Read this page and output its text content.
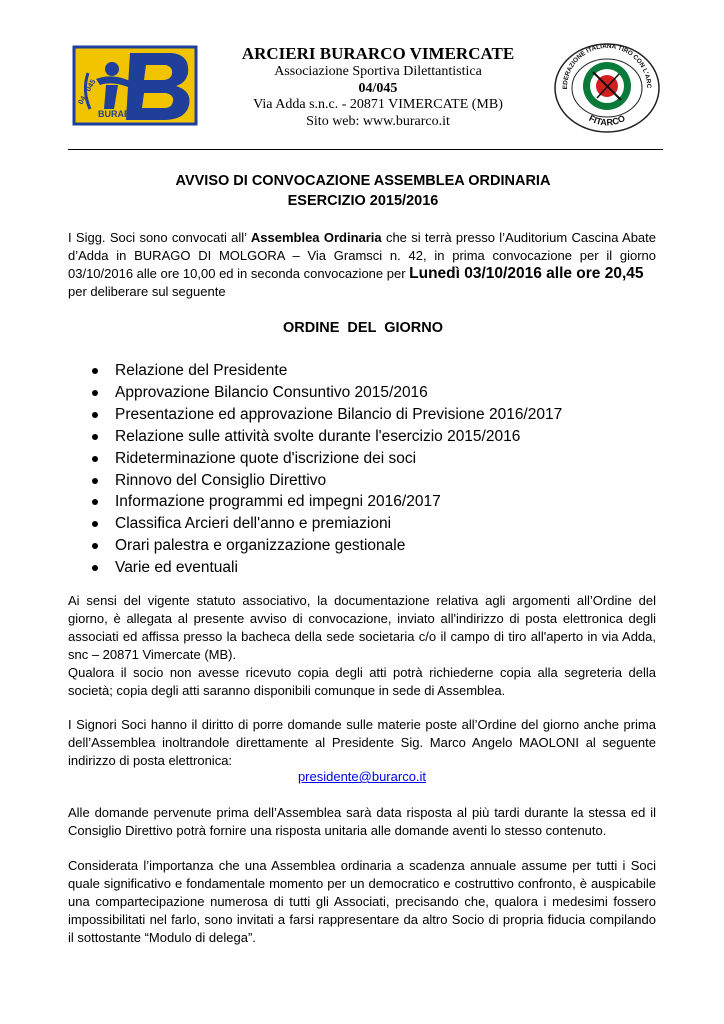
04 - 045
BURARCO
ARCIERI BURARCO VIMERCATE
Associazione Sportiva Dilettantistica
04/045
Via Adda s.n.c. - 20871 VIMERCATE (MB)
Sito web: www.burarco.it
EDERAZIONE ITALIANA TIRO CON L'ARC
FITARCO
AVVISO DI CONVOCAZIONE ASSEMBLEA ORDINARIA
ESERCIZIO 2015/2016
I Sigg. Soci sono convocati all’ Assemblea Ordinaria che si terrà presso l’Auditorium Cascina Abate d’Adda in BURAGO DI MOLGORA – Via Gramsci n. 42, in prima convocazione per il giorno 03/10/2016 alle ore 10,00 ed in seconda convocazione per Lunedì 03/10/2016 alle ore 20,45
per deliberare sul seguente
ORDINE DEL GIORNO
Relazione del Presidente
Approvazione Bilancio Consuntivo 2015/2016
Presentazione ed approvazione Bilancio di Previsione 2016/2017
Relazione sulle attività svolte durante l'esercizio 2015/2016
Rideterminazione quote d'iscrizione dei soci
Rinnovo del Consiglio Direttivo
Informazione programmi ed impegni 2016/2017
Classifica Arcieri dell'anno e premiazioni
Orari palestra e organizzazione gestionale
Varie ed eventuali
Ai sensi del vigente statuto associativo, la documentazione relativa agli argomenti all’Ordine del giorno, è allegata al presente avviso di convocazione, inviato all'indirizzo di posta elettronica degli associati ed affissa presso la bacheca della sede societaria c/o il campo di tiro all'aperto in via Adda, snc – 20871 Vimercate (MB).
Qualora il socio non avesse ricevuto copia degli atti potrà richiederne copia alla segreteria della società; copia degli atti saranno disponibili comunque in sede di Assemblea.
I Signori Soci hanno il diritto di porre domande sulle materie poste all’Ordine del giorno anche prima dell’Assemblea inoltrandole direttamente al Presidente Sig. Marco Angelo MAOLONI al seguente indirizzo di posta elettronica:
presidente@burarco.it
Alle domande pervenute prima dell’Assemblea sarà data risposta al più tardi durante la stessa ed il Consiglio Direttivo potrà fornire una risposta unitaria alle domande aventi lo stesso contenuto.
Considerata l’importanza che una Assemblea ordinaria a scadenza annuale assume per tutti i Soci quale significativo e fondamentale momento per un democratico e costruttivo confronto, è auspicabile una compartecipazione numerosa di tutti gli Associati, precisando che, qualora i medesimi fossero impossibilitati nel farlo, sono invitati a farsi rappresentare da altro Socio di propria fiducia compilando il sottostante “Modulo di delega”.
